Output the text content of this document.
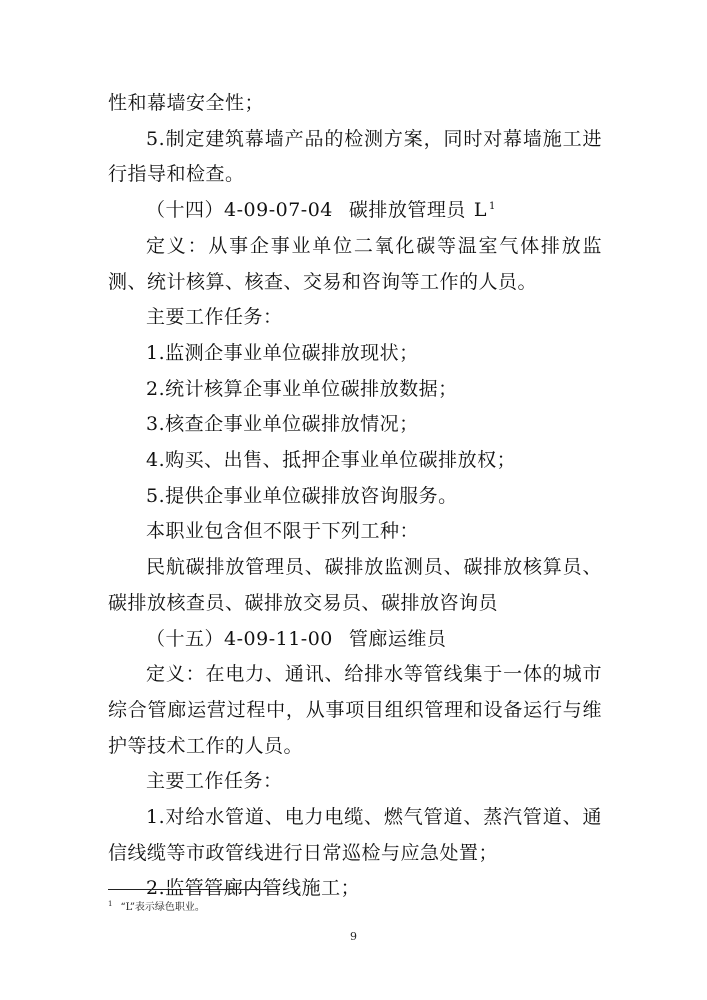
性和幕墙安全性；

5.制定建筑幕墙产品的检测方案，同时对幕墙施工进行指导和检查。

（十四）4-09-07-04 碳排放管理员 L $^1$

定义：从事企事业单位二氧化碳等温室气体排放监测、统计核算、核查、交易和咨询等工作的人员。

主要工作任务：

1.监测企事业单位碳排放现状；

2.统计核算企事业单位碳排放数据；

3.核查企事业单位碳排放情况；

4.购买、出售、抵押企事业单位碳排放权；

5.提供企事业单位碳排放咨询服务。

本职业包含但不限于下列工种：

民航碳排放管理员、碳排放监测员、碳排放核算员、碳排放核查员、碳排放交易员、碳排放咨询员

（十五）4-09-11-00 管廊运维员

定义：在电力、通讯、给排水等管线集于一体的城市综合管廊运营过程中，从事项目组织管理和设备运行与维护等技术工作的人员。

主要工作任务：

1.对给水管道、电力电缆、燃气管道、蒸汽管道、通信线缆等市政管线进行日常巡检与应急处置；

2.监管管廊内管线施工；

$^1$ “L”表示绿色职业。
9
